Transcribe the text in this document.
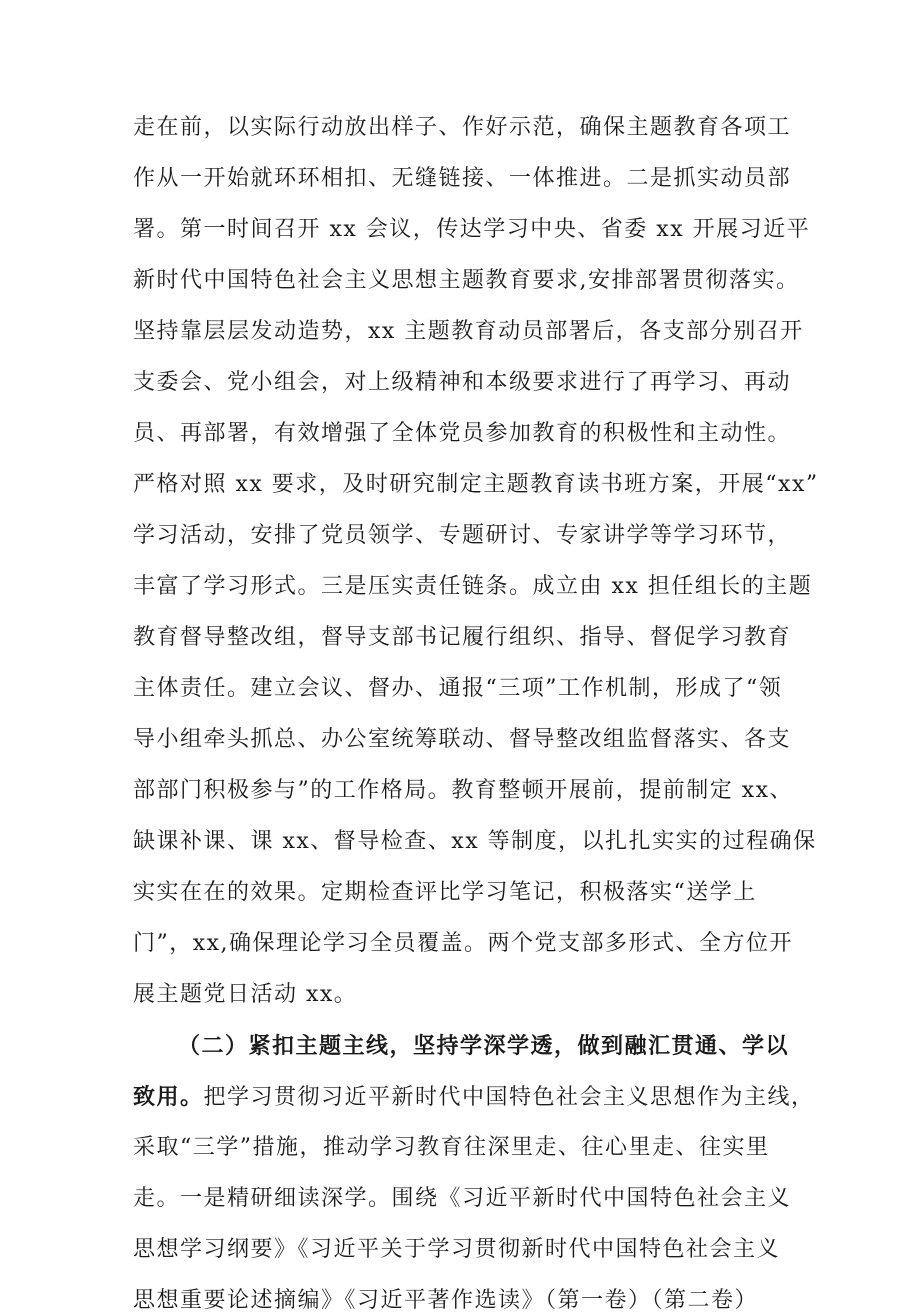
走在前，以实际行动放出样子、作好示范，确保主题教育各项工
作从一开始就环环相扣、无缝链接、一体推进。二是抓实动员部
署。第一时间召开 xx 会议，传达学习中央、省委 xx 开展习近平
新时代中国特色社会主义思想主题教育要求,安排部署贯彻落实。
坚持靠层层发动造势，xx 主题教育动员部署后，各支部分别召开
支委会、党小组会，对上级精神和本级要求进行了再学习、再动
员、再部署，有效增强了全体党员参加教育的积极性和主动性。
严格对照 xx 要求，及时研究制定主题教育读书班方案，开展“xx”
学习活动，安排了党员领学、专题研讨、专家讲学等学习环节，
丰富了学习形式。三是压实责任链条。成立由 xx 担任组长的主题
教育督导整改组，督导支部书记履行组织、指导、督促学习教育
主体责任。建立会议、督办、通报“三项”工作机制，形成了“领
导小组牵头抓总、办公室统筹联动、督导整改组监督落实、各支
部部门积极参与”的工作格局。教育整顿开展前，提前制定 xx、
缺课补课、课 xx、督导检查、xx 等制度，以扎扎实实的过程确保
实实在在的效果。定期检查评比学习笔记，积极落实“送学上
门”，xx,确保理论学习全员覆盖。两个党支部多形式、全方位开
展主题党日活动 xx。
（二）紧扣主题主线，坚持学深学透，做到融汇贯通、学以
致用。把学习贯彻习近平新时代中国特色社会主义思想作为主线，
采取“三学”措施，推动学习教育往深里走、往心里走、往实里
走。一是精研细读深学。围绕《习近平新时代中国特色社会主义
思想学习纲要》《习近平关于学习贯彻新时代中国特色社会主义
思想重要论述摘编》《习近平著作选读》（第一卷）（第二卷）
